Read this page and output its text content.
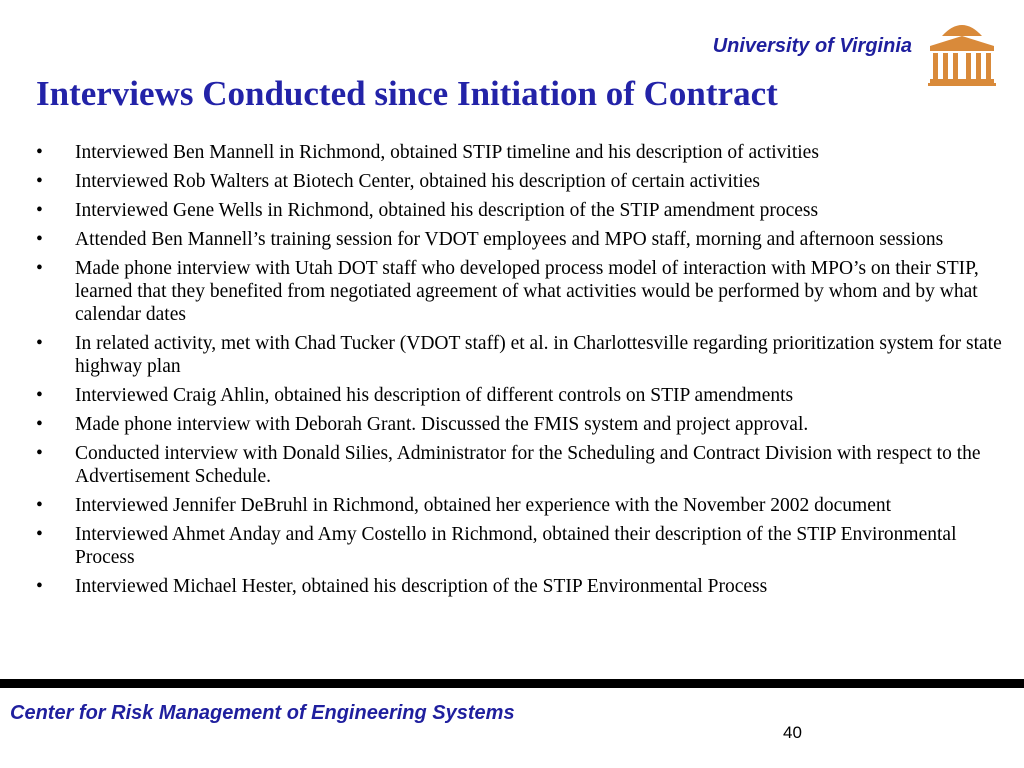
University of Virginia
Interviews Conducted since Initiation of Contract
• Interviewed Ben Mannell in Richmond, obtained STIP timeline and his description of activities
• Interviewed Rob Walters at Biotech Center, obtained his description of certain activities
• Interviewed Gene Wells in Richmond, obtained his description of the STIP amendment process
• Attended Ben Mannell’s training session for VDOT employees and MPO staff, morning and afternoon sessions
• Made phone interview with Utah DOT staff who developed process model of interaction with MPO’s on their STIP, learned that they benefited from negotiated agreement of what activities would be performed by whom and by what calendar dates
• In related activity, met with Chad Tucker (VDOT staff) et al. in Charlottesville regarding prioritization system for state highway plan
• Interviewed Craig Ahlin, obtained his description of different controls on STIP amendments
• Made phone interview with Deborah Grant. Discussed the FMIS system and project approval.
• Conducted interview with Donald Silies, Administrator for the Scheduling and Contract Division with respect to the Advertisement Schedule.
• Interviewed Jennifer DeBruhl in Richmond, obtained her experience with the November 2002 document
• Interviewed Ahmet Anday and Amy Costello in Richmond, obtained their description of the STIP Environmental Process
• Interviewed Michael Hester, obtained his description of the STIP Environmental Process
Center for Risk Management of Engineering Systems
40
